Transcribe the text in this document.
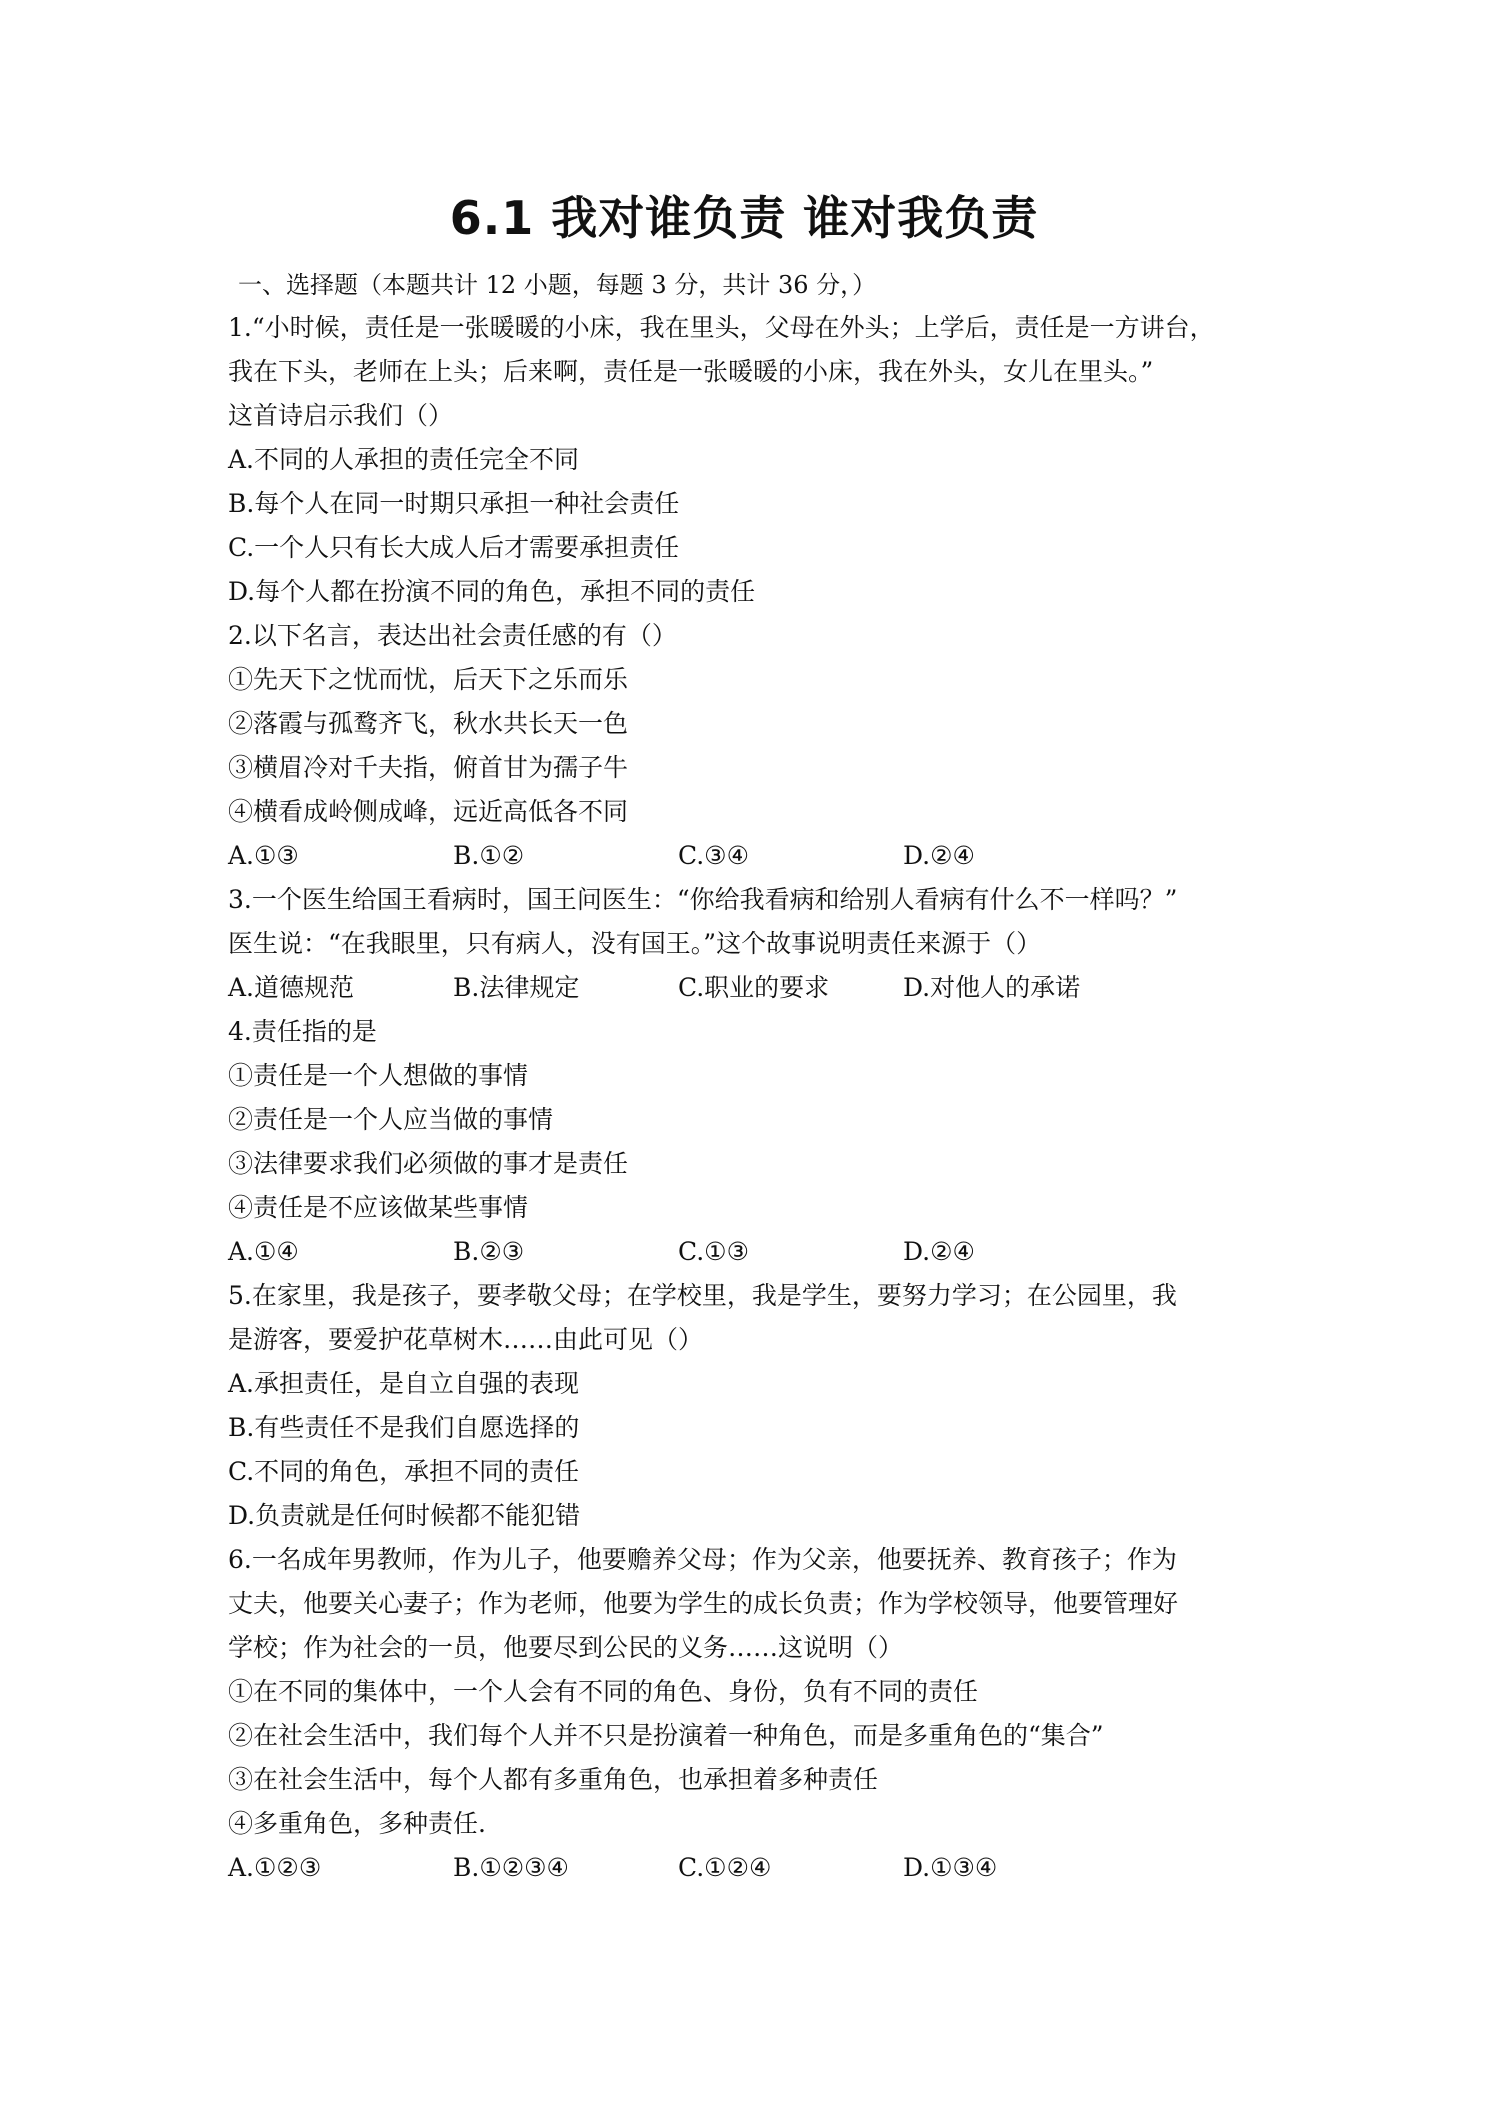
6.1 我对谁负责 谁对我负责
一、选择题（本题共计 12 小题，每题 3 分，共计 36 分，）
1.“小时候，责任是一张暖暖的小床，我在里头，父母在外头；上学后，责任是一方讲台，
我在下头，老师在上头；后来啊，责任是一张暖暖的小床，我在外头，女儿在里头。”
这首诗启示我们（）
A.不同的人承担的责任完全不同
B.每个人在同一时期只承担一种社会责任
C.一个人只有长大成人后才需要承担责任
D.每个人都在扮演不同的角色，承担不同的责任
2.以下名言，表达出社会责任感的有（）
①先天下之忧而忧，后天下之乐而乐
②落霞与孤鹜齐飞，秋水共长天一色
③横眉冷对千夫指，俯首甘为孺子牛
④横看成岭侧成峰，远近高低各不同
A.①③	B.①②	C.③④	D.②④
3.一个医生给国王看病时，国王问医生：“你给我看病和给别人看病有什么不一样吗？”
医生说：“在我眼里，只有病人，没有国王。”这个故事说明责任来源于（）
A.道德规范	B.法律规定	C.职业的要求	D.对他人的承诺
4.责任指的是
①责任是一个人想做的事情
②责任是一个人应当做的事情
③法律要求我们必须做的事才是责任
④责任是不应该做某些事情
A.①④	B.②③	C.①③	D.②④
5.在家里，我是孩子，要孝敬父母；在学校里，我是学生，要努力学习；在公园里，我
是游客，要爱护花草树木……由此可见（）
A.承担责任，是自立自强的表现
B.有些责任不是我们自愿选择的
C.不同的角色，承担不同的责任
D.负责就是任何时候都不能犯错
6.一名成年男教师，作为儿子，他要赡养父母；作为父亲，他要抚养、教育孩子；作为
丈夫，他要关心妻子；作为老师，他要为学生的成长负责；作为学校领导，他要管理好
学校；作为社会的一员，他要尽到公民的义务……这说明（）
①在不同的集体中，一个人会有不同的角色、身份，负有不同的责任
②在社会生活中，我们每个人并不只是扮演着一种角色，而是多重角色的“集合”
③在社会生活中，每个人都有多重角色，也承担着多种责任
④多重角色，多种责任.
A.①②③	B.①②③④	C.①②④	D.①③④
